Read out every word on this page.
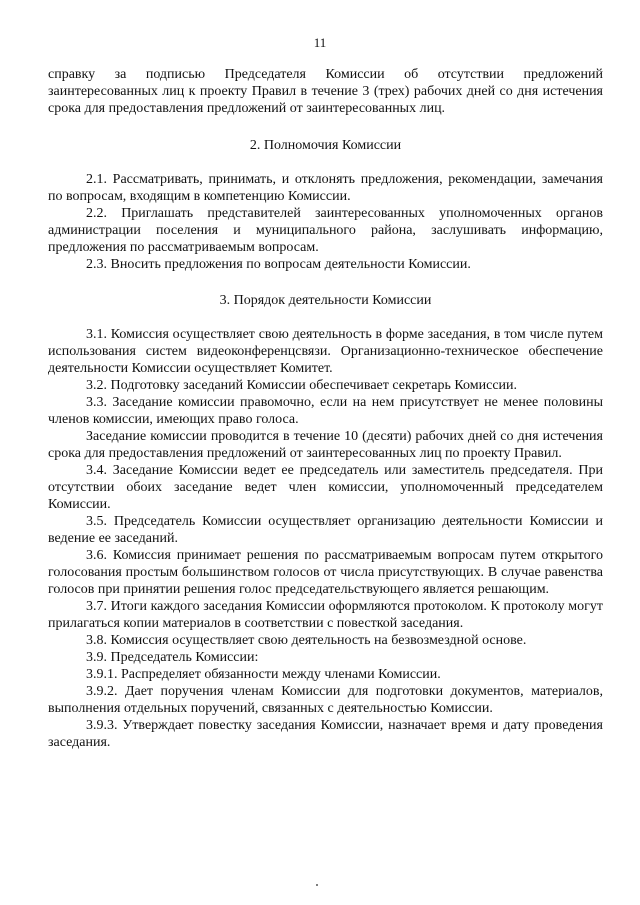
11

справку за подписью Председателя Комиссии об отсутствии предложений заинтересованных лиц к проекту Правил в течение 3 (трех) рабочих дней со дня истечения срока для предоставления предложений от заинтересованных лиц.

2. Полномочия Комиссии

2.1. Рассматривать, принимать, и отклонять предложения, рекомендации, замечания по вопросам, входящим в компетенцию Комиссии.

2.2. Приглашать представителей заинтересованных уполномоченных органов администрации поселения и муниципального района, заслушивать информацию, предложения по рассматриваемым вопросам.

2.3. Вносить предложения по вопросам деятельности Комиссии.

3. Порядок деятельности Комиссии

3.1. Комиссия осуществляет свою деятельность в форме заседания, в том числе путем использования систем видеоконференцсвязи. Организационно-техническое обеспечение деятельности Комиссии осуществляет Комитет.

3.2. Подготовку заседаний Комиссии обеспечивает секретарь Комиссии.

3.3. Заседание комиссии правомочно, если на нем присутствует не менее половины членов комиссии, имеющих право голоса.

Заседание комиссии проводится в течение 10 (десяти) рабочих дней со дня истечения срока для предоставления предложений от заинтересованных лиц по проекту Правил.

3.4. Заседание Комиссии ведет ее председатель или заместитель председателя. При отсутствии обоих заседание ведет член комиссии, уполномоченный председателем Комиссии.

3.5. Председатель Комиссии осуществляет организацию деятельности Комиссии и ведение ее заседаний.

3.6. Комиссия принимает решения по рассматриваемым вопросам путем открытого голосования простым большинством голосов от числа присутствующих. В случае равенства голосов при принятии решения голос председательствующего является решающим.

3.7. Итоги каждого заседания Комиссии оформляются протоколом. К протоколу могут прилагаться копии материалов в соответствии с повесткой заседания.

3.8. Комиссия осуществляет свою деятельность на безвозмездной основе.

3.9. Председатель Комиссии:

3.9.1. Распределяет обязанности между членами Комиссии.

3.9.2. Дает поручения членам Комиссии для подготовки документов, материалов, выполнения отдельных поручений, связанных с деятельностью Комиссии.

3.9.3. Утверждает повестку заседания Комиссии, назначает время и дату проведения заседания.
